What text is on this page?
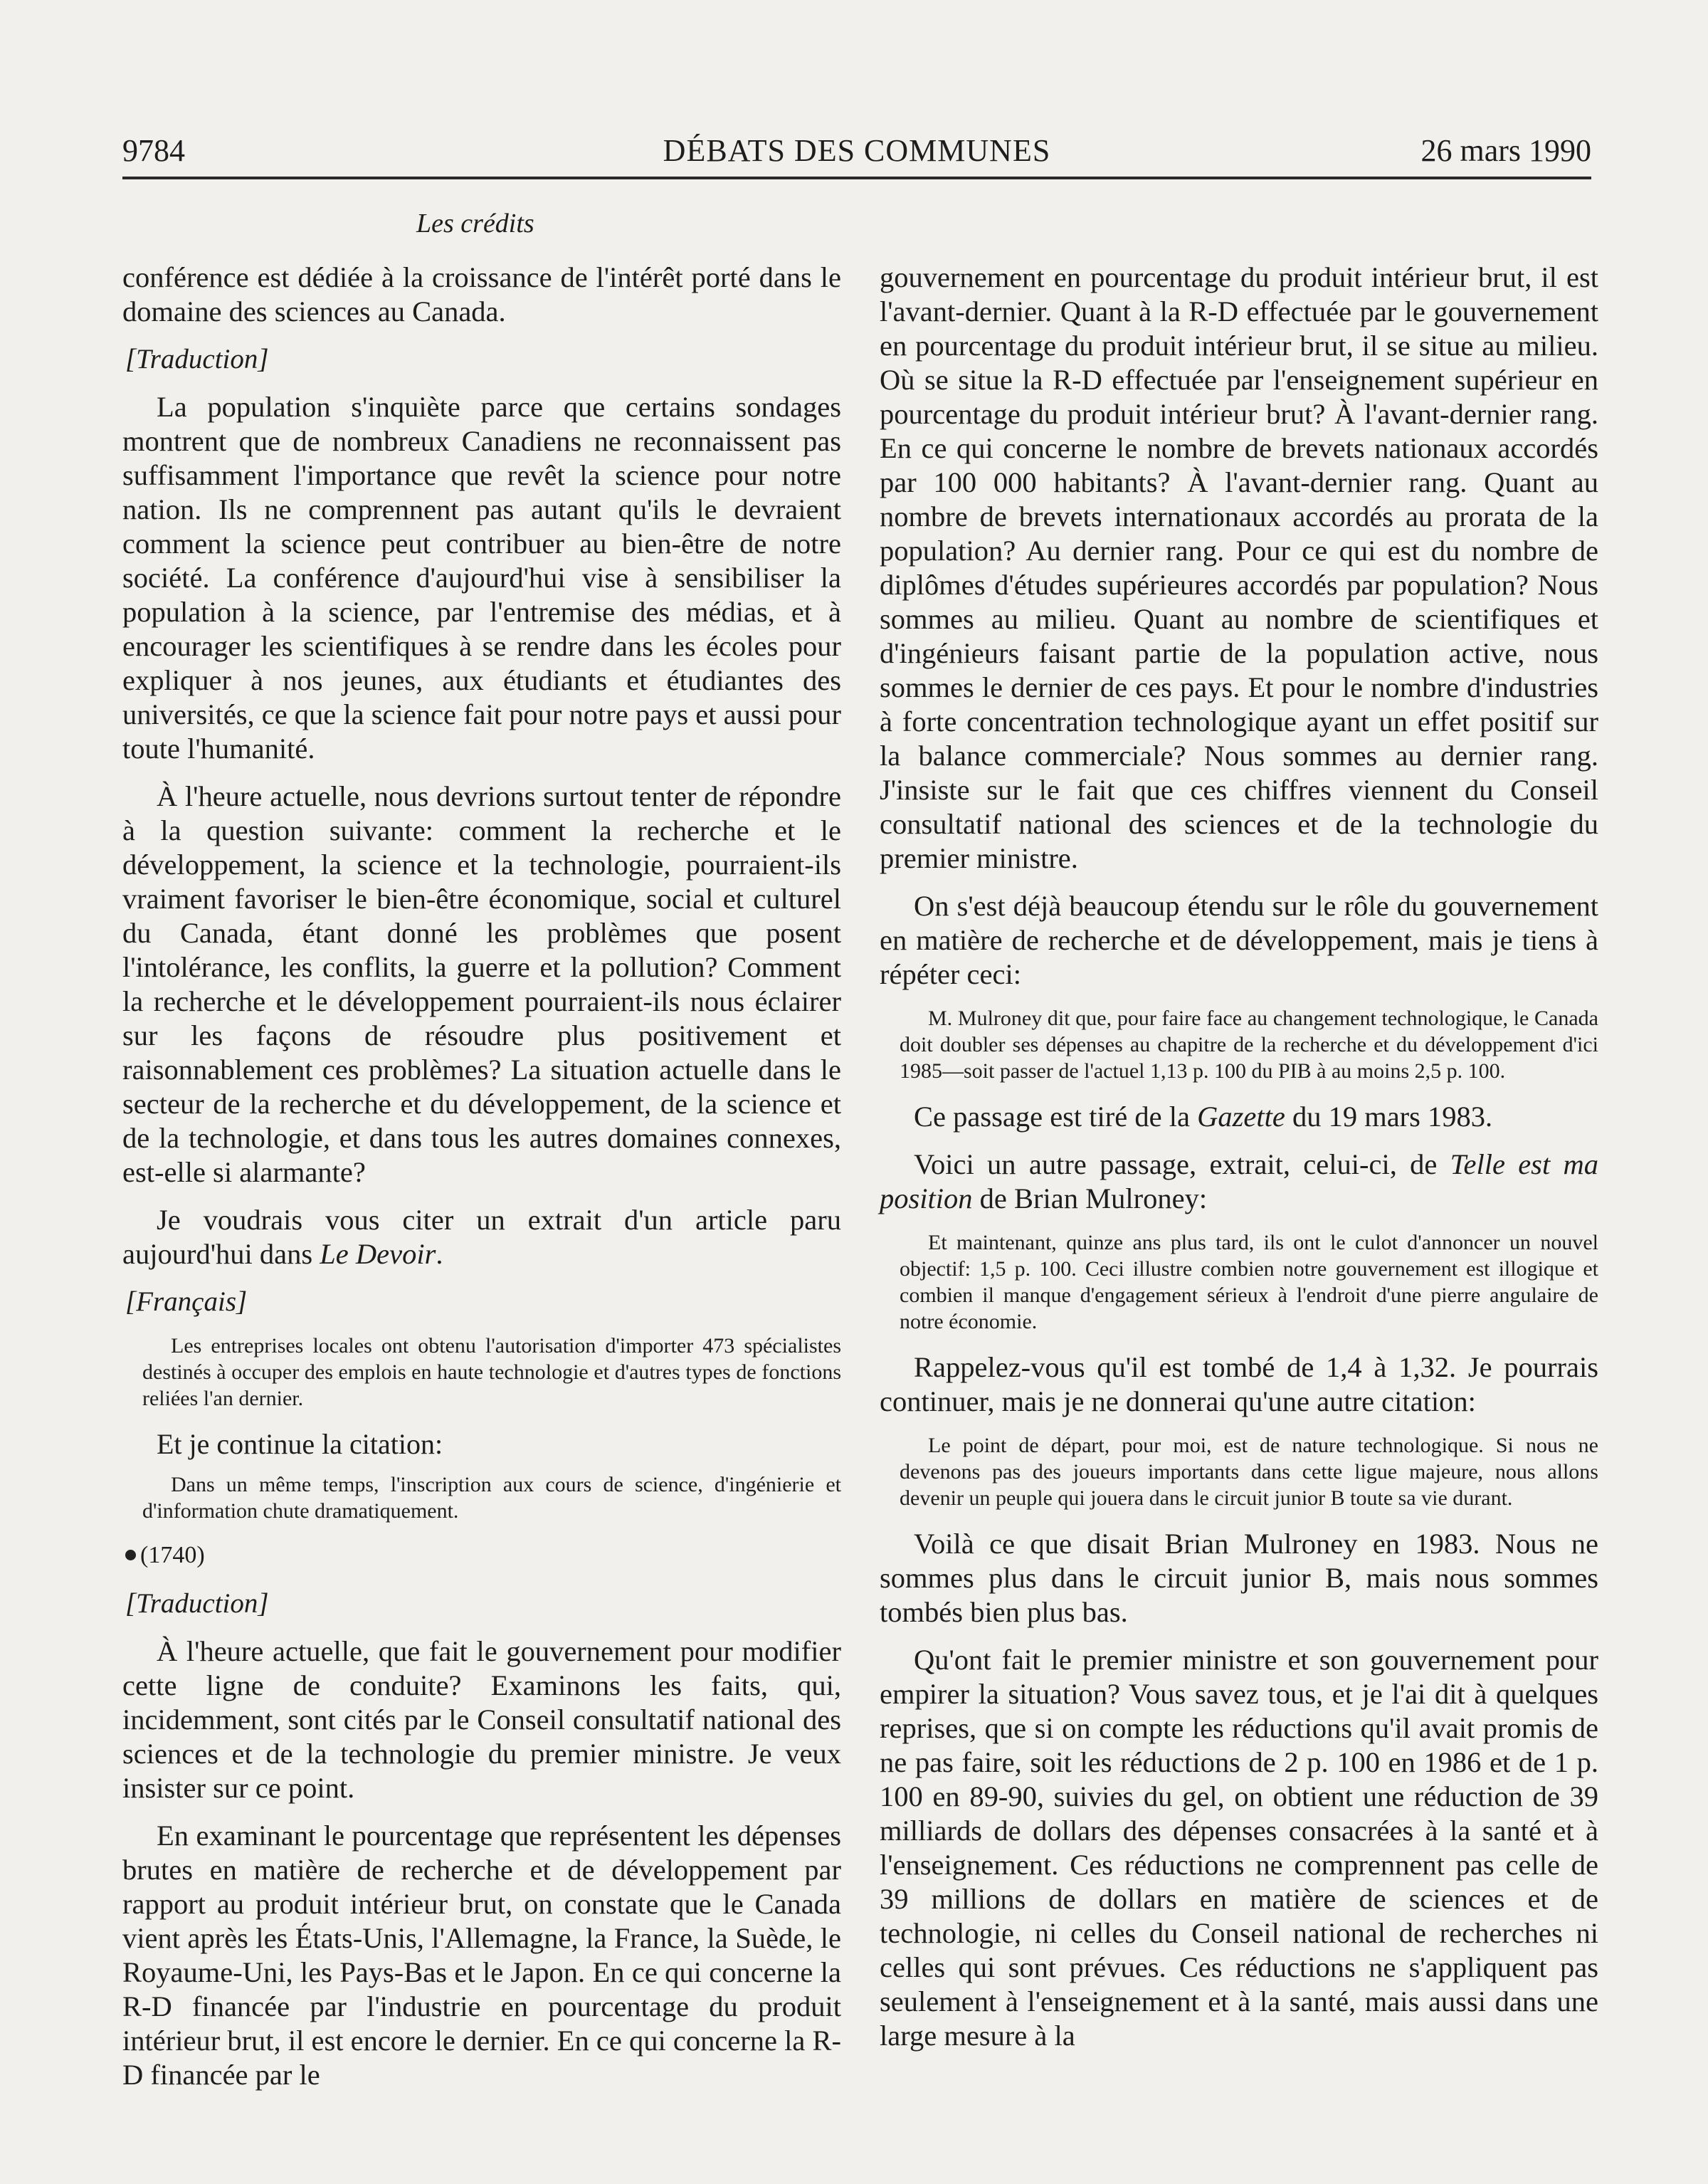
9784	DÉBATS DES COMMUNES	26 mars 1990
Les crédits

conférence est dédiée à la croissance de l'intérêt porté dans le domaine des sciences au Canada.

[Traduction]

La population s'inquiète parce que certains sondages montrent que de nombreux Canadiens ne reconnaissent pas suffisamment l'importance que revêt la science pour notre nation. Ils ne comprennent pas autant qu'ils le devraient comment la science peut contribuer au bien-être de notre société. La conférence d'aujourd'hui vise à sensibiliser la population à la science, par l'entremise des médias, et à encourager les scientifiques à se rendre dans les écoles pour expliquer à nos jeunes, aux étudiants et étudiantes des universités, ce que la science fait pour notre pays et aussi pour toute l'humanité.

À l'heure actuelle, nous devrions surtout tenter de répondre à la question suivante: comment la recherche et le développement, la science et la technologie, pourraient-ils vraiment favoriser le bien-être économique, social et culturel du Canada, étant donné les problèmes que posent l'intolérance, les conflits, la guerre et la pollution? Comment la recherche et le développement pourraient-ils nous éclairer sur les façons de résoudre plus positivement et raisonnablement ces problèmes? La situation actuelle dans le secteur de la recherche et du développement, de la science et de la technologie, et dans tous les autres domaines connexes, est-elle si alarmante?

Je voudrais vous citer un extrait d'un article paru aujourd'hui dans Le Devoir.

[Français]

Les entreprises locales ont obtenu l'autorisation d'importer 473 spécialistes destinés à occuper des emplois en haute technologie et d'autres types de fonctions reliées l'an dernier.

Et je continue la citation:

Dans un même temps, l'inscription aux cours de science, d'ingénierie et d'information chute dramatiquement.

(1740)

[Traduction]

À l'heure actuelle, que fait le gouvernement pour modifier cette ligne de conduite? Examinons les faits, qui, incidemment, sont cités par le Conseil consultatif national des sciences et de la technologie du premier ministre. Je veux insister sur ce point.

En examinant le pourcentage que représentent les dépenses brutes en matière de recherche et de développement par rapport au produit intérieur brut, on constate que le Canada vient après les États-Unis, l'Allemagne, la France, la Suède, le Royaume-Uni, les Pays-Bas et le Japon. En ce qui concerne la R-D financée par l'industrie en pourcentage du produit intérieur brut, il est encore le dernier. En ce qui concerne la R-D financée par le

gouvernement en pourcentage du produit intérieur brut, il est l'avant-dernier. Quant à la R-D effectuée par le gouvernement en pourcentage du produit intérieur brut, il se situe au milieu. Où se situe la R-D effectuée par l'enseignement supérieur en pourcentage du produit intérieur brut? À l'avant-dernier rang. En ce qui concerne le nombre de brevets nationaux accordés par 100 000 habitants? À l'avant-dernier rang. Quant au nombre de brevets internationaux accordés au prorata de la population? Au dernier rang. Pour ce qui est du nombre de diplômes d'études supérieures accordés par population? Nous sommes au milieu. Quant au nombre de scientifiques et d'ingénieurs faisant partie de la population active, nous sommes le dernier de ces pays. Et pour le nombre d'industries à forte concentration technologique ayant un effet positif sur la balance commerciale? Nous sommes au dernier rang. J'insiste sur le fait que ces chiffres viennent du Conseil consultatif national des sciences et de la technologie du premier ministre.

On s'est déjà beaucoup étendu sur le rôle du gouvernement en matière de recherche et de développement, mais je tiens à répéter ceci:

M. Mulroney dit que, pour faire face au changement technologique, le Canada doit doubler ses dépenses au chapitre de la recherche et du développement d'ici 1985—soit passer de l'actuel 1,13 p. 100 du PIB à au moins 2,5 p. 100.

Ce passage est tiré de la Gazette du 19 mars 1983.

Voici un autre passage, extrait, celui-ci, de Telle est ma position de Brian Mulroney:

Et maintenant, quinze ans plus tard, ils ont le culot d'annoncer un nouvel objectif: 1,5 p. 100. Ceci illustre combien notre gouvernement est illogique et combien il manque d'engagement sérieux à l'endroit d'une pierre angulaire de notre économie.

Rappelez-vous qu'il est tombé de 1,4 à 1,32. Je pourrais continuer, mais je ne donnerai qu'une autre citation:

Le point de départ, pour moi, est de nature technologique. Si nous ne devenons pas des joueurs importants dans cette ligue majeure, nous allons devenir un peuple qui jouera dans le circuit junior B toute sa vie durant.

Voilà ce que disait Brian Mulroney en 1983. Nous ne sommes plus dans le circuit junior B, mais nous sommes tombés bien plus bas.

Qu'ont fait le premier ministre et son gouvernement pour empirer la situation? Vous savez tous, et je l'ai dit à quelques reprises, que si on compte les réductions qu'il avait promis de ne pas faire, soit les réductions de 2 p. 100 en 1986 et de 1 p. 100 en 89-90, suivies du gel, on obtient une réduction de 39 milliards de dollars des dépenses consacrées à la santé et à l'enseignement. Ces réductions ne comprennent pas celle de 39 millions de dollars en matière de sciences et de technologie, ni celles du Conseil national de recherches ni celles qui sont prévues. Ces réductions ne s'appliquent pas seulement à l'enseignement et à la santé, mais aussi dans une large mesure à la
